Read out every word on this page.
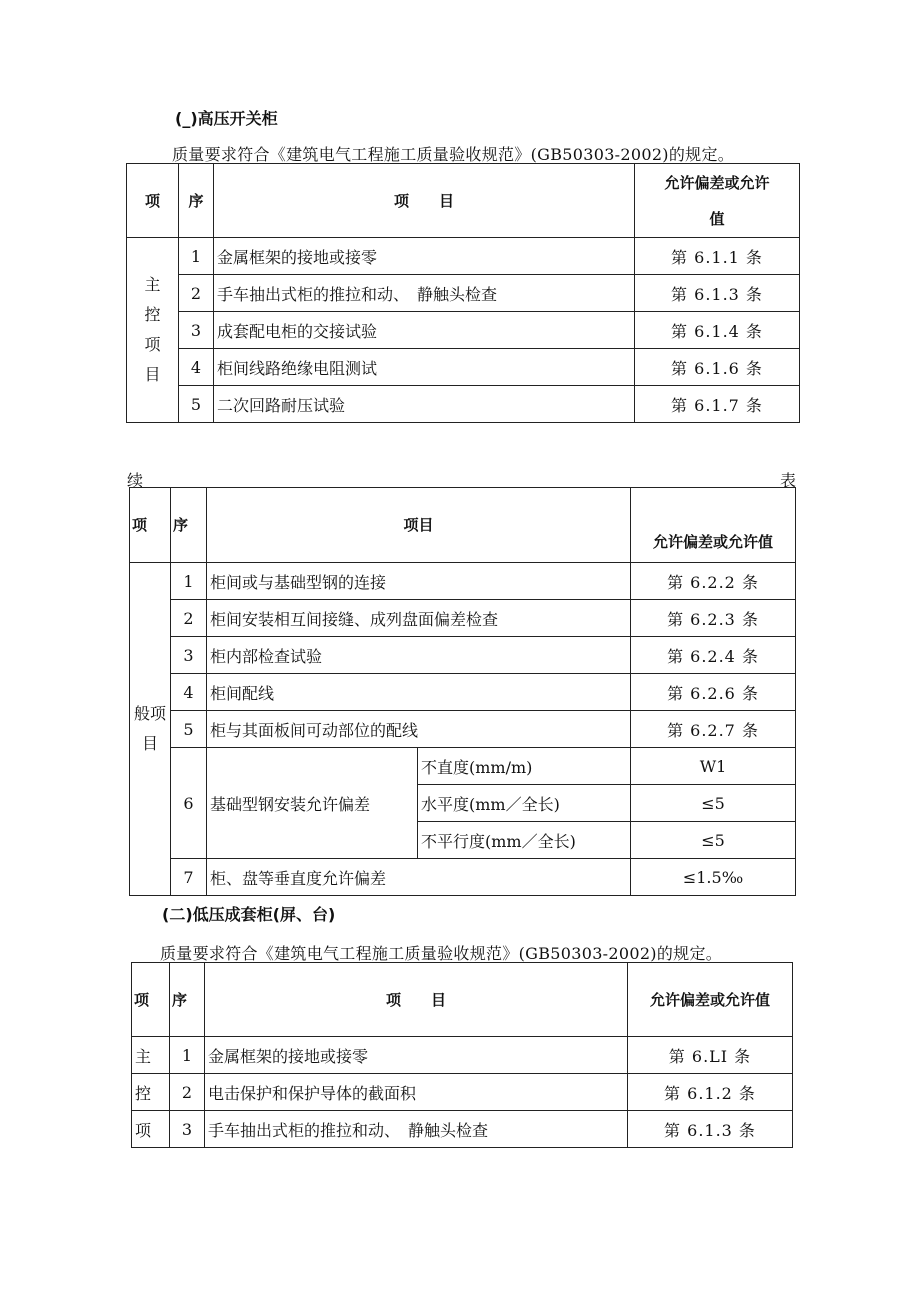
(_)高压开关柜
质量要求符合《建筑电气工程施工质量验收规范》(GB50303-2002)的规定。
项	序	项　　目	允许偏差或允许
值

主
控
项
目	1	金属框架的接地或接零	第 6.1.1 条
	2	手车抽出式柜的推拉和动、　静触头检查	第 6.1.3 条
	3	成套配电柜的交接试验	第 6.1.4 条
	4	柜间线路绝缘电阻测试	第 6.1.6 条
	5	二次回路耐压试验	第 6.1.7 条
续	表
项	序	项目		允许偏差或允许值

般项
目	1	柜间或与基础型钢的连接		第 6.2.2 条
	2	柜间安装相互间接缝、成列盘面偏差检查		第 6.2.3 条
	3	柜内部检查试验		第 6.2.4 条
	4	柜间配线		第 6.2.6 条
	5	柜与其面板间可动部位的配线		第 6.2.7 条
	6	基础型钢安装允许偏差	不直度(mm/m)	W1
			水平度(mm／全长)	≤5
			不平行度(mm／全长)	≤5
	7	柜、盘等垂直度允许偏差		≤1.5‰
(二)低压成套柜(屏、台)
质量要求符合《建筑电气工程施工质量验收规范》(GB50303-2002)的规定。
项	序	项　　目	允许偏差或允许值
主	1	金属框架的接地或接零	第 6.LI 条
控	2	电击保护和保护导体的截面积	第 6.1.2 条
项	3	手车抽出式柜的推拉和动、　静触头检查	第 6.1.3 条
